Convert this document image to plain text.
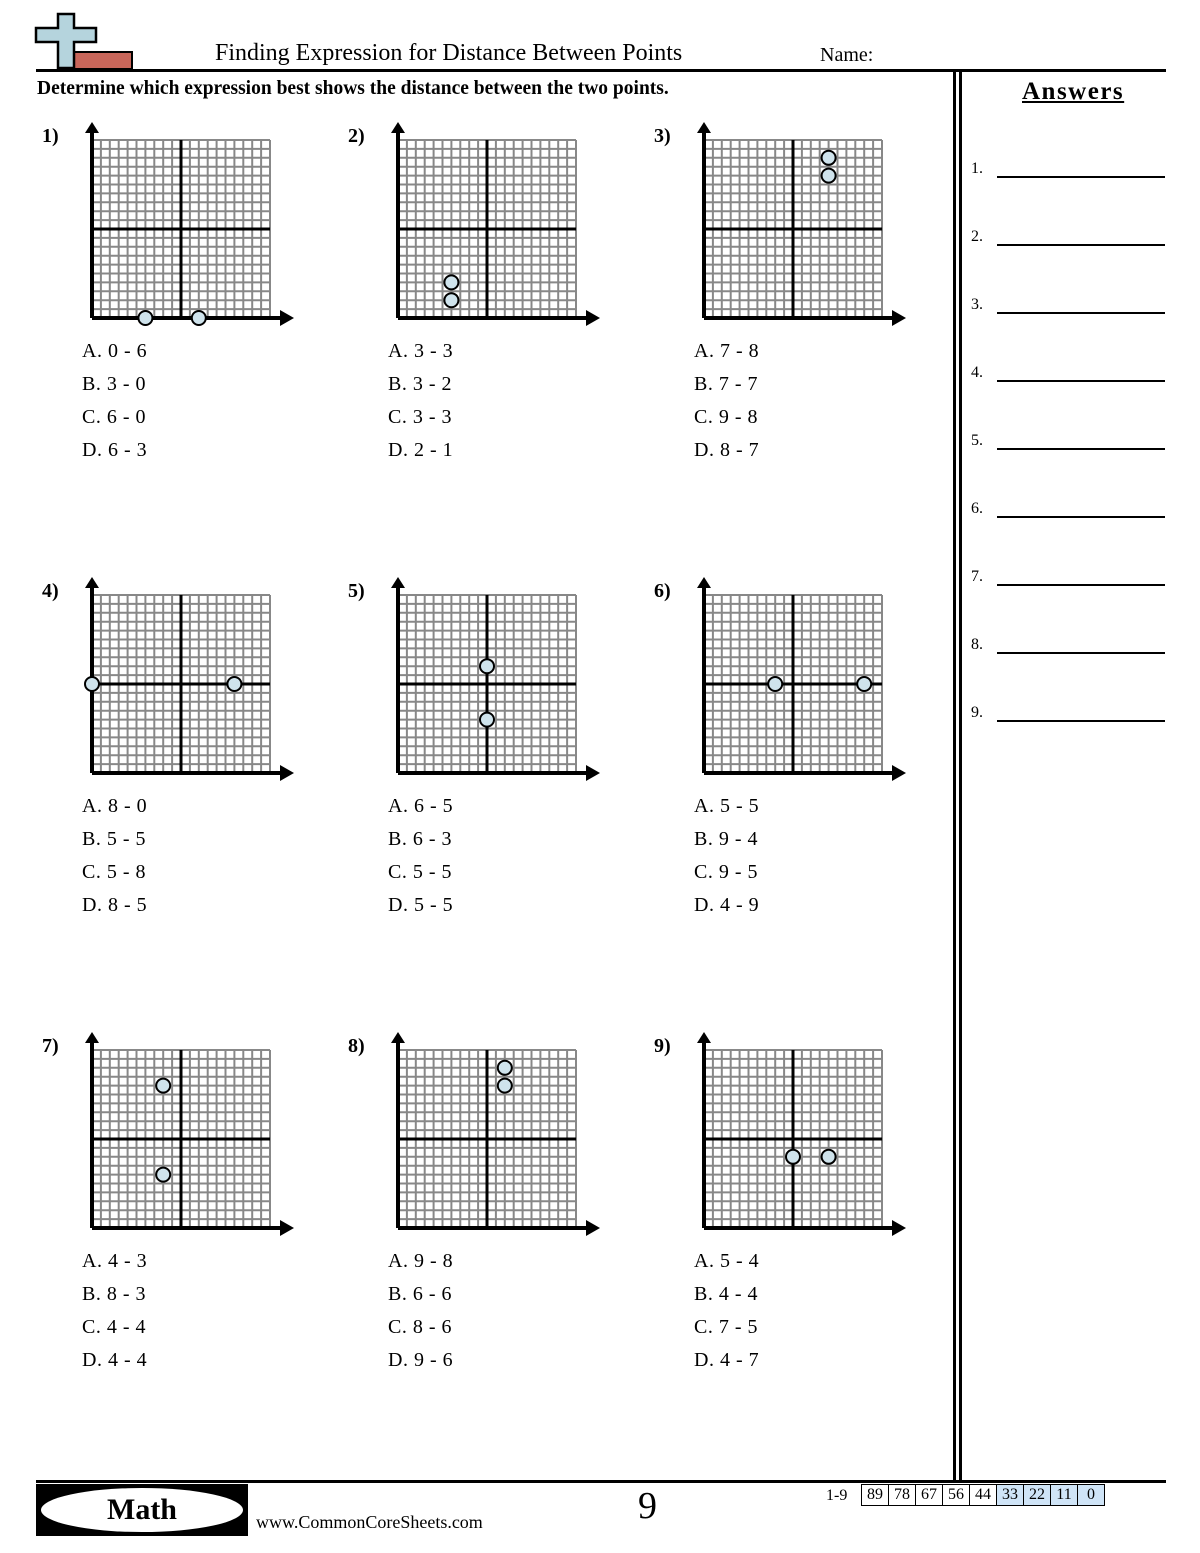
Finding Expression for Distance Between Points	Name:
Determine which expression best shows the distance between the two points.	Answers
1.
2.
3.
4.
5.
6.
7.
8.
9.
1)
A. 0 - 6
B. 3 - 0
C. 6 - 0
D. 6 - 3
2)
A. 3 - 3
B. 3 - 2
C. 3 - 3
D. 2 - 1
3)
A. 7 - 8
B. 7 - 7
C. 9 - 8
D. 8 - 7
4)
A. 8 - 0
B. 5 - 5
C. 5 - 8
D. 8 - 5
5)
A. 6 - 5
B. 6 - 3
C. 5 - 5
D. 5 - 5
6)
A. 5 - 5
B. 9 - 4
C. 9 - 5
D. 4 - 9
7)
A. 4 - 3
B. 8 - 3
C. 4 - 4
D. 4 - 4
8)
A. 9 - 8
B. 6 - 6
C. 8 - 6
D. 9 - 6
9)
A. 5 - 4
B. 4 - 4
C. 7 - 5
D. 4 - 7
Math	www.CommonCoreSheets.com	9	1-9	89 78 67 56 44 33 22 11 0
